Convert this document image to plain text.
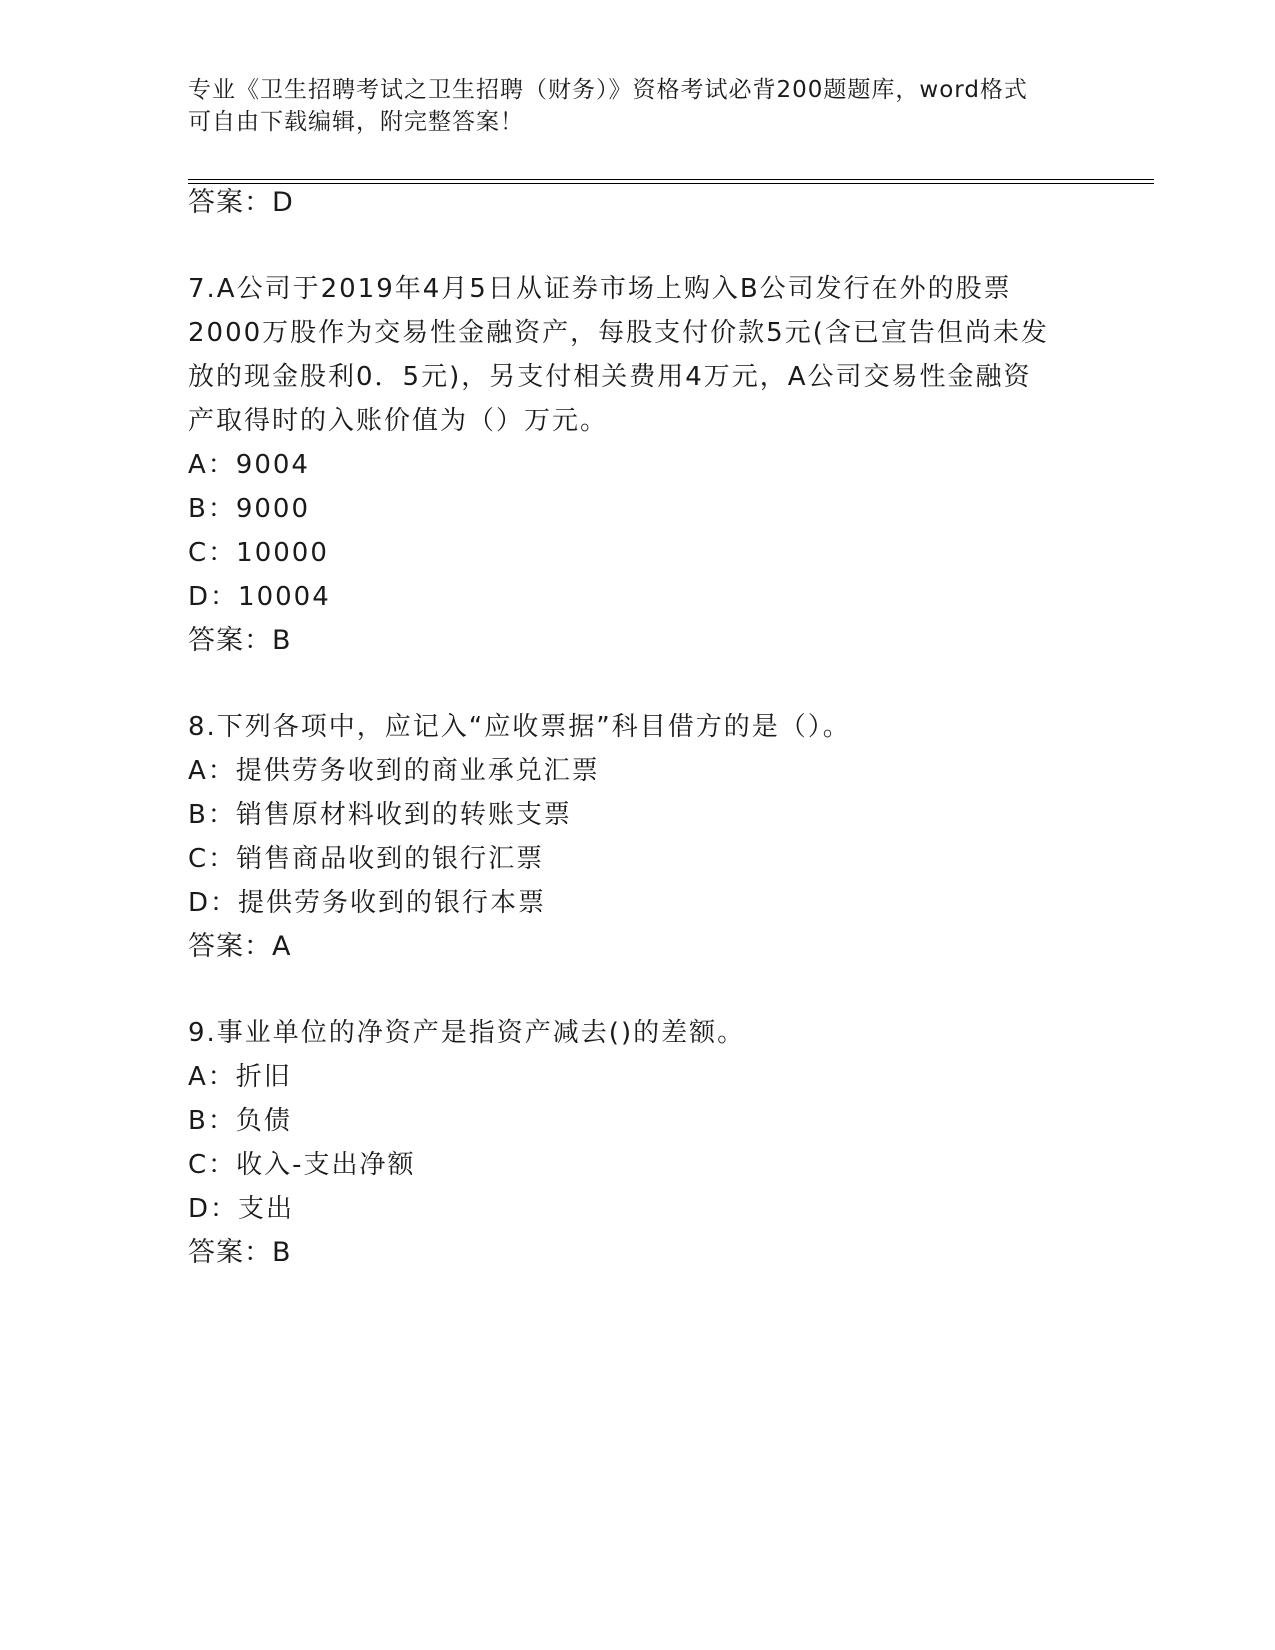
专业《卫生招聘考试之卫生招聘（财务）》资格考试必背200题题库，word格式
可自由下载编辑，附完整答案！
答案：D
7.A公司于2019年4月5日从证券市场上购入B公司发行在外的股票
2000万股作为交易性金融资产，每股支付价款5元(含已宣告但尚未发
放的现金股利0．5元)，另支付相关费用4万元，A公司交易性金融资
产取得时的入账价值为（）万元。
A：9004
B：9000
C：10000
D：10004
答案：B
8.下列各项中，应记入“应收票据”科目借方的是（）。
A：提供劳务收到的商业承兑汇票
B：销售原材料收到的转账支票
C：销售商品收到的银行汇票
D：提供劳务收到的银行本票
答案：A
9.事业单位的净资产是指资产减去()的差额。
A：折旧
B：负债
C：收入-支出净额
D：支出
答案：B
